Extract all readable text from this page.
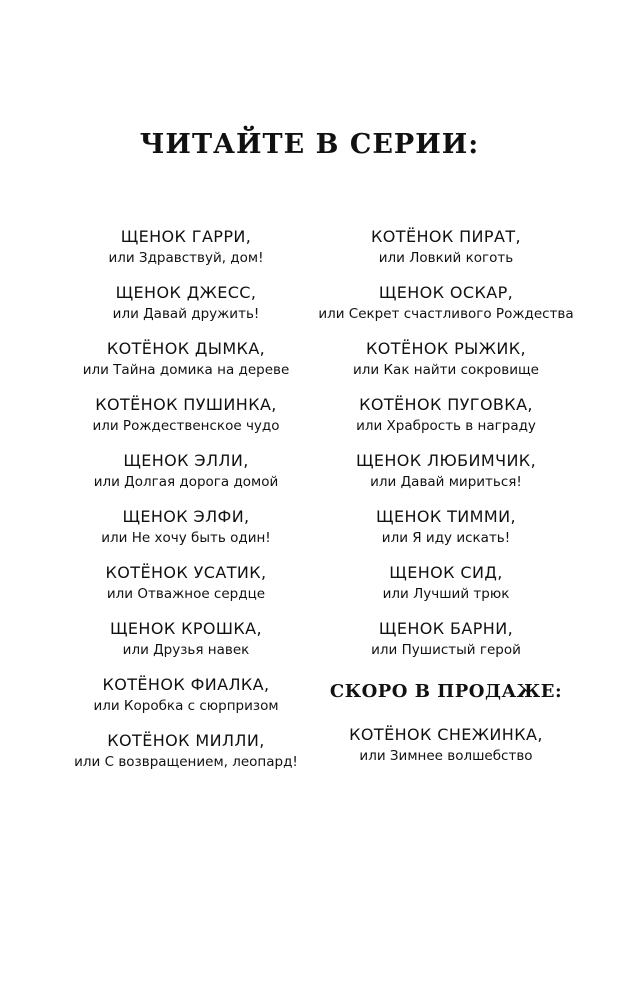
ЧИТАЙТЕ В СЕРИИ:
ЩЕНОК ГАРРИ,
или Здравствуй, дом!
ЩЕНОК ДЖЕСС,
или Давай дружить!
КОТЁНОК ДЫМКА,
или Тайна домика на дереве
КОТЁНОК ПУШИНКА,
или Рождественское чудо
ЩЕНОК ЭЛЛИ,
или Долгая дорога домой
ЩЕНОК ЭЛФИ,
или Не хочу быть один!
КОТЁНОК УСАТИК,
или Отважное сердце
ЩЕНОК КРОШКА,
или Друзья навек
КОТЁНОК ФИАЛКА,
или Коробка с сюрпризом
КОТЁНОК МИЛЛИ,
или С возвращением, леопард!
КОТЁНОК ПИРАТ,
или Ловкий коготь
ЩЕНОК ОСКАР,
или Секрет счастливого Рождества
КОТЁНОК РЫЖИК,
или Как найти сокровище
КОТЁНОК ПУГОВКА,
или Храбрость в награду
ЩЕНОК ЛЮБИМЧИК,
или Давай мириться!
ЩЕНОК ТИММИ,
или Я иду искать!
ЩЕНОК СИД,
или Лучший трюк
ЩЕНОК БАРНИ,
или Пушистый герой
СКОРО В ПРОДАЖЕ:
КОТЁНОК СНЕЖИНКА,
или Зимнее волшебство
